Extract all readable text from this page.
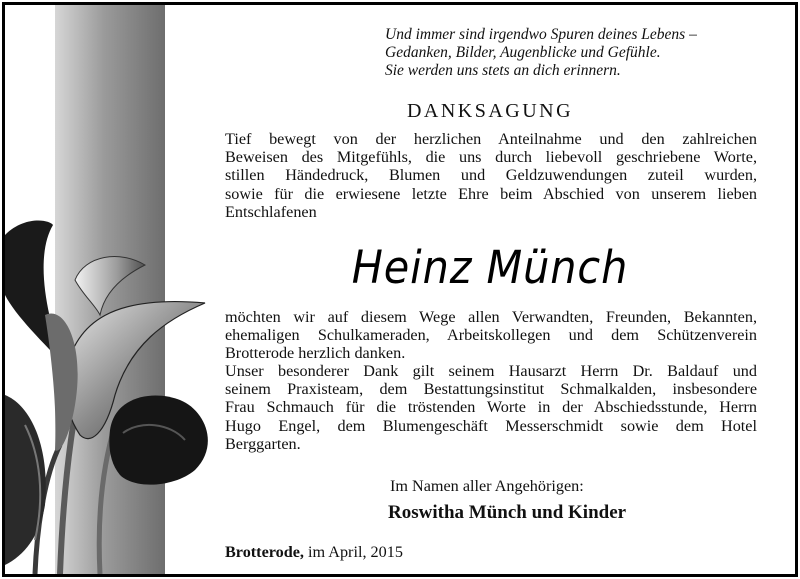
Und immer sind irgendwo Spuren deines Lebens –
Gedanken, Bilder, Augenblicke und Gefühle.
Sie werden uns stets an dich erinnern.
DANKSAGUNG
Tief bewegt von der herzlichen Anteilnahme und den zahlreichen
Beweisen des Mitgefühls, die uns durch liebevoll geschriebene Worte,
stillen Händedruck, Blumen und Geldzuwendungen zuteil wurden,
sowie für die erwiesene letzte Ehre beim Abschied von unserem lieben
Entschlafenen
Heinz Münch
möchten wir auf diesem Wege allen Verwandten, Freunden, Bekannten,
ehemaligen Schulkameraden, Arbeitskollegen und dem Schützenverein
Brotterode herzlich danken.
Unser besonderer Dank gilt seinem Hausarzt Herrn Dr. Baldauf und
seinem Praxisteam, dem Bestattungsinstitut Schmalkalden, insbesondere
Frau Schmauch für die tröstenden Worte in der Abschiedsstunde, Herrn
Hugo Engel, dem Blumengeschäft Messerschmidt sowie dem Hotel
Berggarten.
Im Namen aller Angehörigen:
Roswitha Münch und Kinder
Brotterode, im April, 2015
